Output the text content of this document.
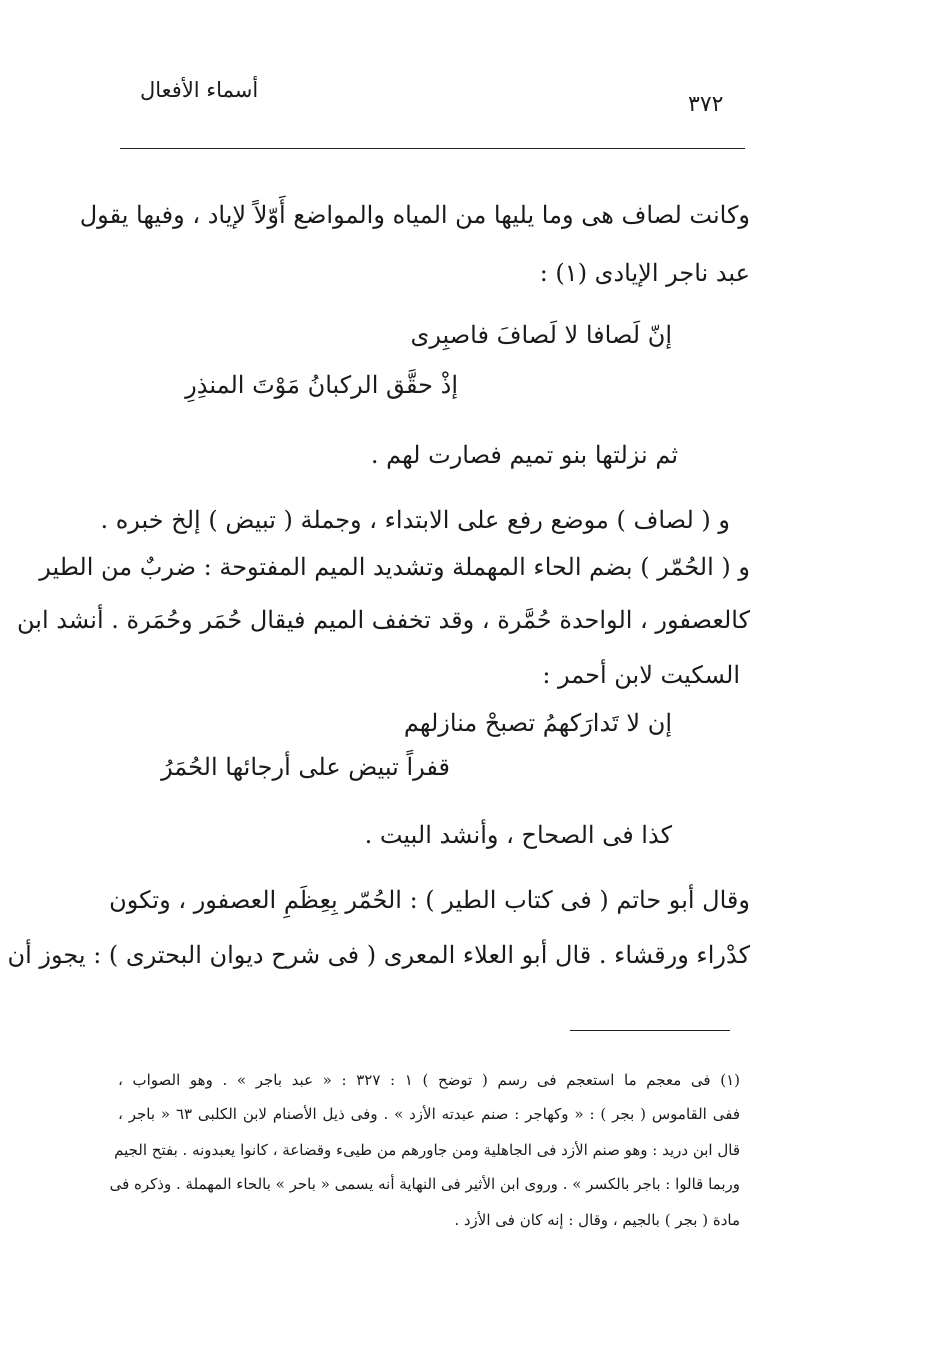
أسماء الأفعال
٣٧٢
وكانت لصاف هى وما يليها من المياه والمواضع أَوّلاً لإياد ، وفيها يقول
عبد ناجر الإيادى (١) :
إنّ لَصافا لا لَصافَ فاصبِرى
إذْ حقَّق الركبانُ مَوْتَ المنذِرِ
ثم نزلتها بنو تميم فصارت لهم .
و ( لصاف ) موضع رفع على الابتداء ، وجملة ( تبيض ) إلخ خبره .
و ( الحُمّر ) بضم الحاء المهملة وتشديد الميم المفتوحة : ضربٌ من الطير
كالعصفور ، الواحدة حُمَّرة ، وقد تخفف الميم فيقال حُمَر وحُمَرة . أنشد ابن
السكيت لابن أحمر :
إن لا تَدارَكهمُ تصبحْ منازلهم
قفراً تبيض على أرجائها الحُمَرُ
كذا فى الصحاح ، وأنشد البيت .
وقال أبو حاتم ( فى كتاب الطير ) : الحُمّر بِعِظَمِ العصفور ، وتكون
كدْراء ورقشاء . قال أبو العلاء المعرى ( فى شرح ديوان البحترى ) : يجوز أن
(١) فى معجم ما استعجم فى رسم ( توضح ) ١ : ٣٢٧ : « عبد باجر » . وهو الصواب ،
ففى القاموس ( بجر ) : « وكهاجر : صنم عبدته الأزد » . وفى ذيل الأصنام لابن الكلبى ٦٣ « باجر ،
قال ابن دريد : وهو صنم الأزد فى الجاهلية ومن جاورهم من طيىء وقضاعة ، كانوا يعبدونه . بفتح الجيم
وربما قالوا : باجر بالكسر » . وروى ابن الأثير فى النهاية أنه يسمى « باحر » بالحاء المهملة . وذكره فى
مادة ( بجر ) بالجيم ، وقال : إنه كان فى الأزد .
